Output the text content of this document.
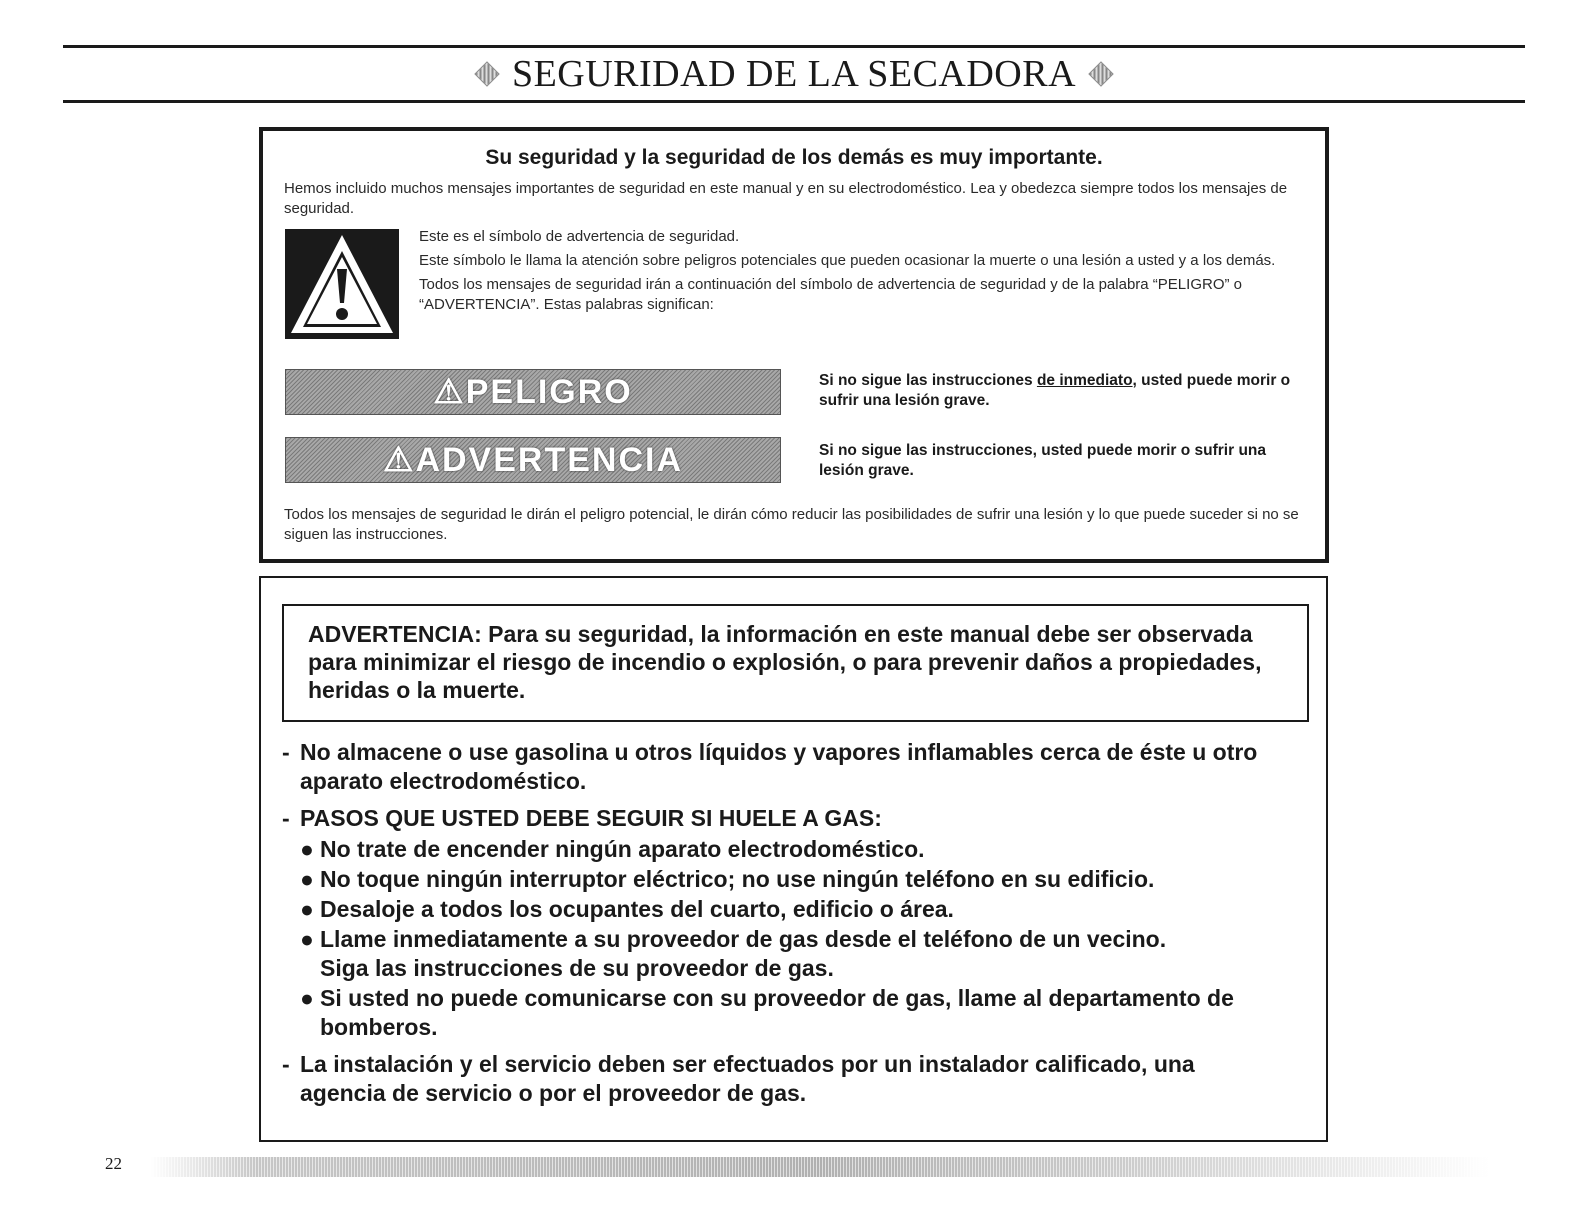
SEGURIDAD DE LA SECADORA
Su seguridad y la seguridad de los demás es muy importante.
Hemos incluido muchos mensajes importantes de seguridad en este manual y en su electrodoméstico. Lea y obedezca siempre todos los mensajes de seguridad.

Este es el símbolo de advertencia de seguridad.

Este símbolo le llama la atención sobre peligros potenciales que pueden ocasionar la muerte o una lesión a usted y a los demás.

Todos los mensajes de seguridad irán a continuación del símbolo de advertencia de seguridad y de la palabra “PELIGRO” o “ADVERTENCIA”. Estas palabras significan:

⚠PELIGRO	Si no sigue las instrucciones de inmediato, usted puede morir o sufrir una lesión grave.
⚠ADVERTENCIA	Si no sigue las instrucciones, usted puede morir o sufrir una lesión grave.
Todos los mensajes de seguridad le dirán el peligro potencial, le dirán cómo reducir las posibilidades de sufrir una lesión y lo que puede suceder si no se siguen las instrucciones.

ADVERTENCIA: Para su seguridad, la información en este manual debe ser observada para minimizar el riesgo de incendio o explosión, o para prevenir daños a propiedades, heridas o la muerte.

- No almacene o use gasolina u otros líquidos y vapores inflamables cerca de éste u otro aparato electrodoméstico.
- PASOS QUE USTED DEBE SEGUIR SI HUELE A GAS:
● No trate de encender ningún aparato electrodoméstico.
● No toque ningún interruptor eléctrico; no use ningún teléfono en su edificio.
● Desaloje a todos los ocupantes del cuarto, edificio o área.
● Llame inmediatamente a su proveedor de gas desde el teléfono de un vecino. Siga las instrucciones de su proveedor de gas.
● Si usted no puede comunicarse con su proveedor de gas, llame al departamento de bomberos.
- La instalación y el servicio deben ser efectuados por un instalador calificado, una agencia de servicio o por el proveedor de gas.
22
